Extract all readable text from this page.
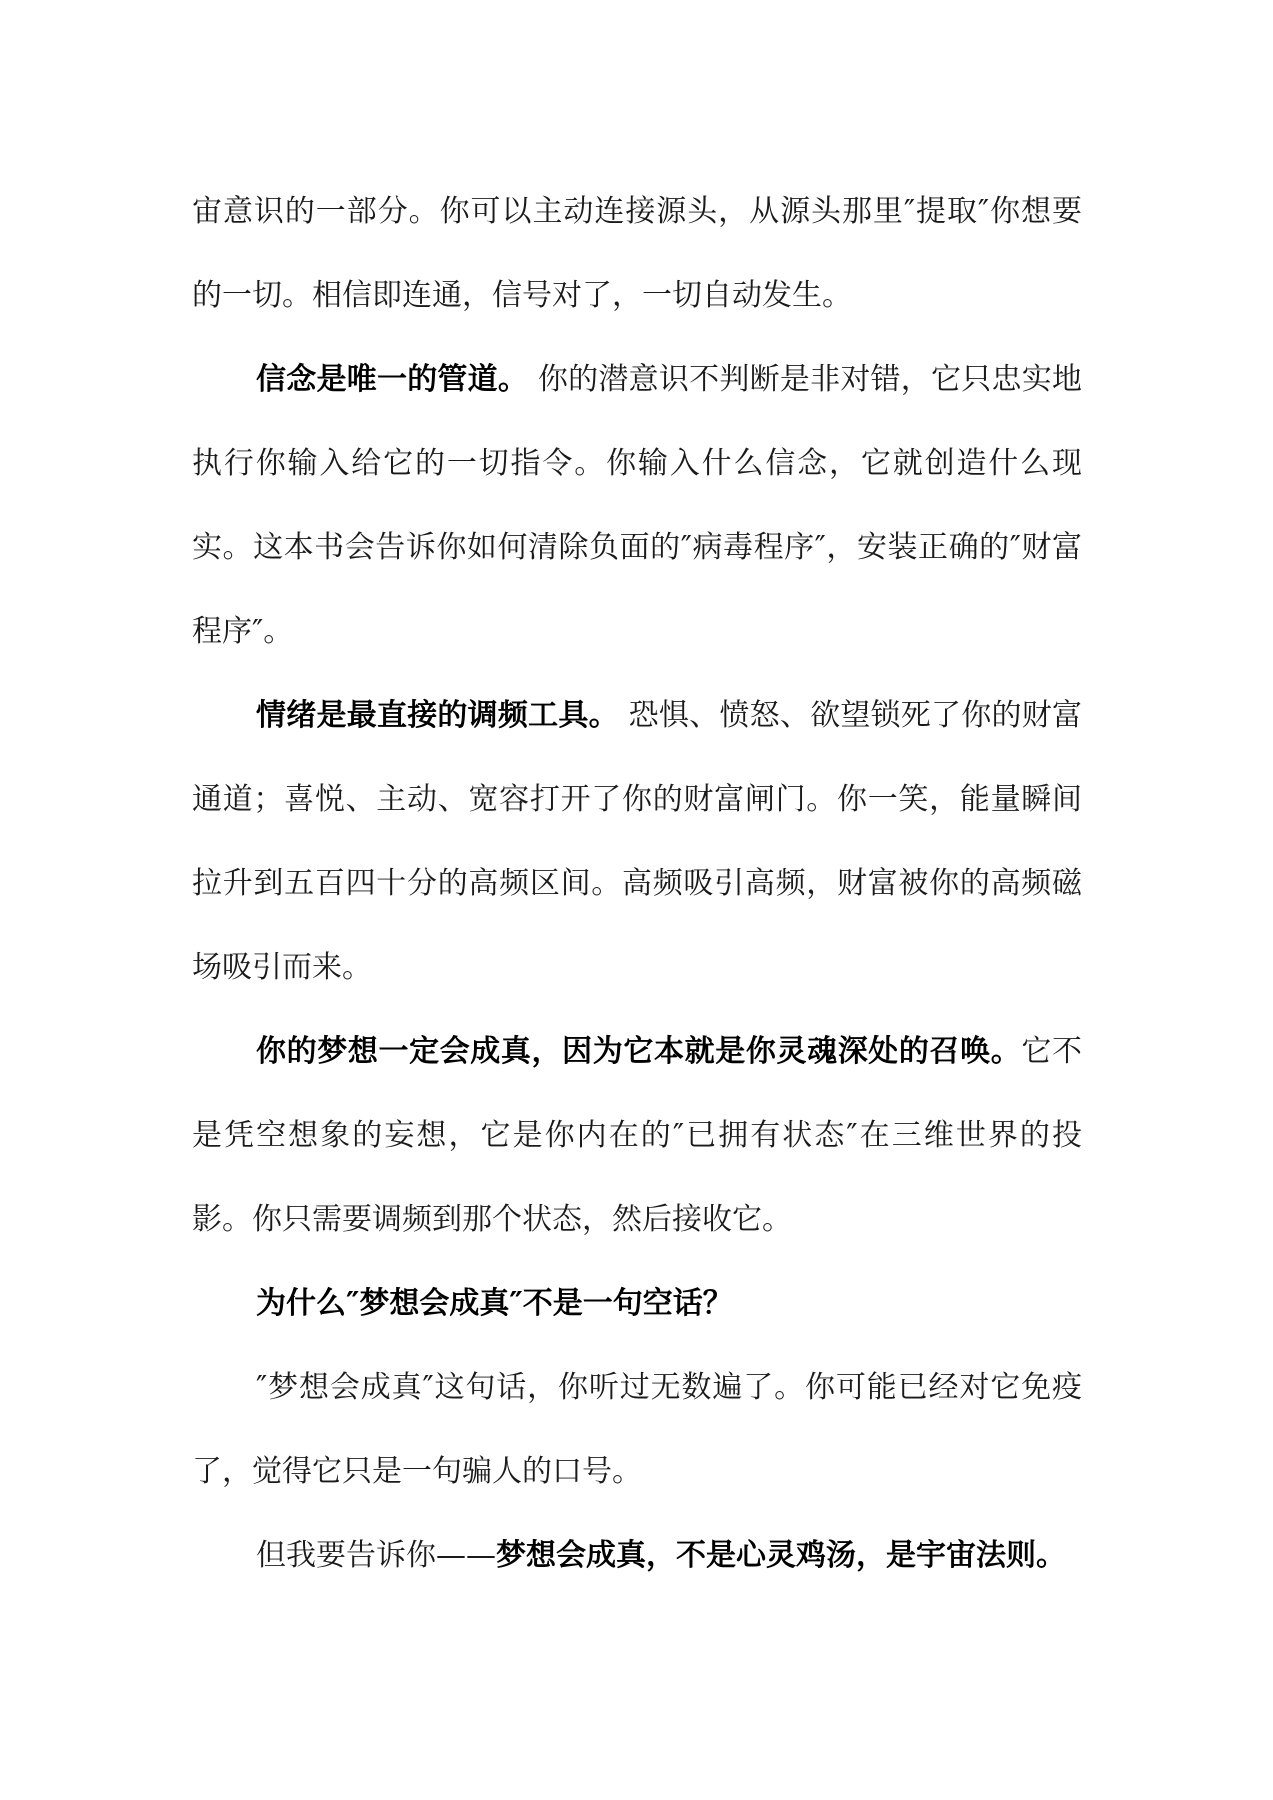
宙意识的一部分。你可以主动连接源头，从源头那里″提取″你想要的一切。相信即连通，信号对了，一切自动发生。

信念是唯一的管道。 你的潜意识不判断是非对错，它只忠实地执行你输入给它的一切指令。你输入什么信念，它就创造什么现实。这本书会告诉你如何清除负面的″病毒程序″，安装正确的″财富程序″。

情绪是最直接的调频工具。 恐惧、愤怒、欲望锁死了你的财富通道；喜悦、主动、宽容打开了你的财富闸门。你一笑，能量瞬间拉升到五百四十分的高频区间。高频吸引高频，财富被你的高频磁场吸引而来。

你的梦想一定会成真，因为它本就是你灵魂深处的召唤。它不是凭空想象的妄想，它是你内在的″已拥有状态″在三维世界的投影。你只需要调频到那个状态，然后接收它。

为什么″梦想会成真″不是一句空话？

″梦想会成真″这句话，你听过无数遍了。你可能已经对它免疫了，觉得它只是一句骗人的口号。

但我要告诉你——梦想会成真，不是心灵鸡汤，是宇宙法则。
